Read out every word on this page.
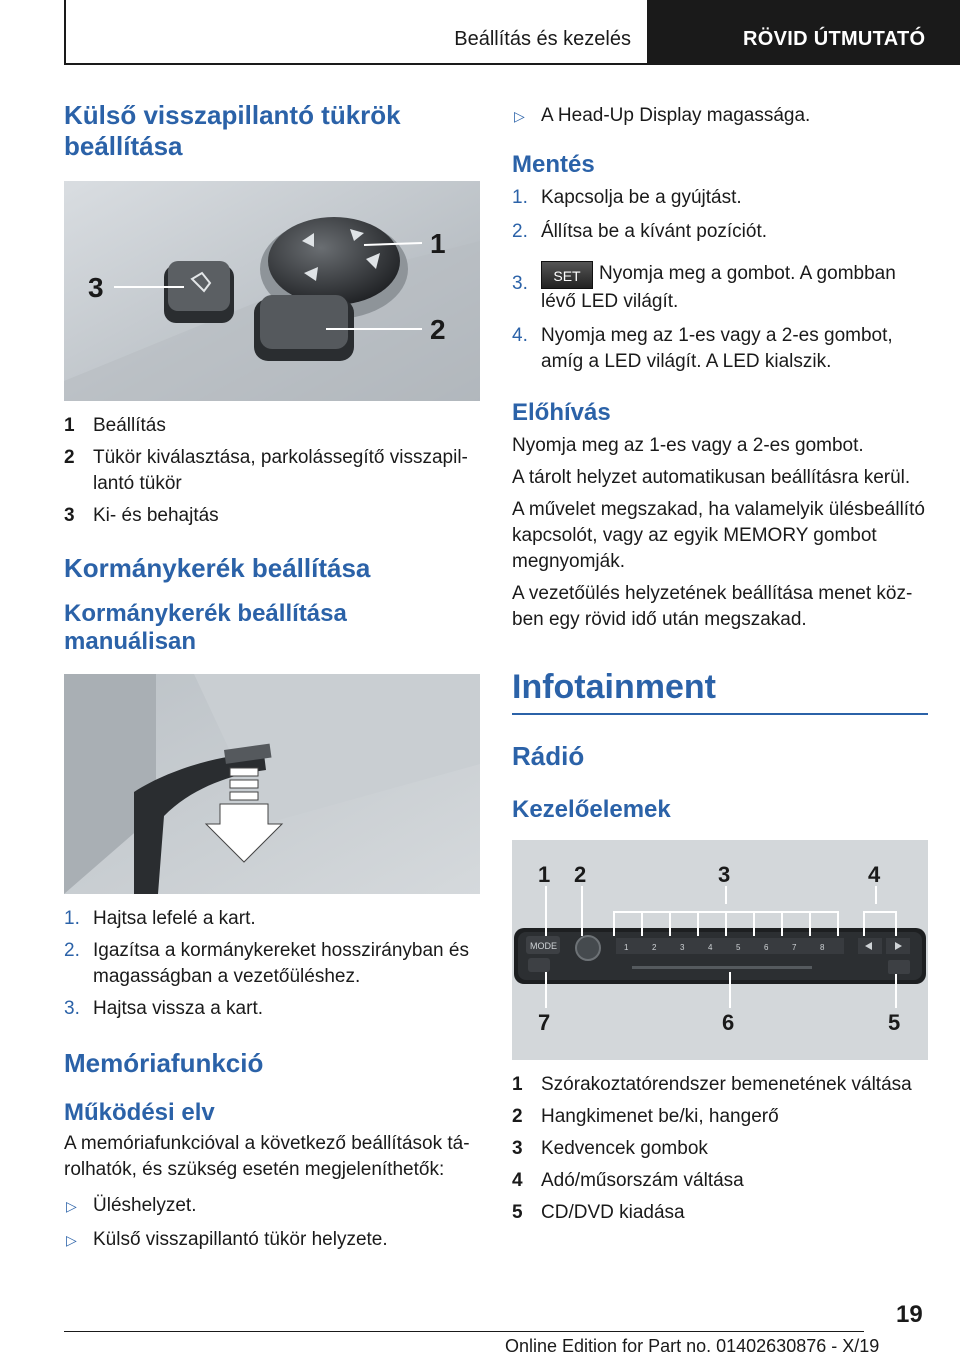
Beállítás és kezelés	RÖVID ÚTMUTATÓ
Külső visszapillantó tükrök beállítása
1
2
3
1 Beállítás
2 Tükör kiválasztása, parkolássegítő visszapillantó tükör
3 Ki- és behajtás
Kormánykerék beállítása
Kormánykerék beállítása manuálisan
1. Hajtsa lefelé a kart.
2. Igazítsa a kormánykereket hosszirányban és magasságban a vezetőüléshez.
3. Hajtsa vissza a kart.
Memóriafunkció
Működési elv

A memóriafunkcióval a következő beállítások tárolhatók, és szükség esetén megjeleníthetők:

▷ Üléshelyzet.
▷ Külső visszapillantó tükör helyzete.
▷ A Head-Up Display magassága.
Mentés
1. Kapcsolja be a gyújtást.
2. Állítsa be a kívánt pozíciót.
3. SET Nyomja meg a gombot. A gombban lévő LED világít.
4. Nyomja meg az 1-es vagy a 2-es gombot, amíg a LED világít. A LED kialszik.
Előhívás

Nyomja meg az 1-es vagy a 2-es gombot.

A tárolt helyzet automatikusan beállításra kerül.

A művelet megszakad, ha valamelyik ülésbeállító kapcsolót, vagy az egyik MEMORY gombot megnyomják.

A vezetőülés helyzetének beállítása menet közben egy rövid idő után megszakad.

Infotainment
Rádió
Kezelőelemek
MODE	1	2	3	4	5	6	7	8
1 2	3	4
7	6	5
1 Szórakoztatórendszer bemenetének váltása
2 Hangkimenet be/ki, hangerő
3 Kedvencek gombok
4 Adó/műsorszám váltása
5 CD/DVD kiadása
19
Online Edition for Part no. 01402630876 - X/19
